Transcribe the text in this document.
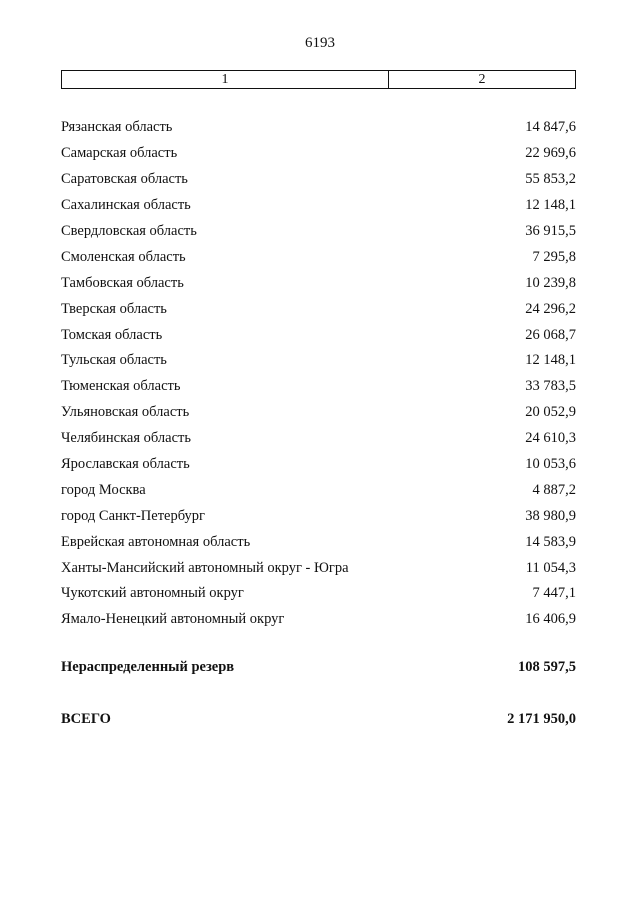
6193
1	2
Рязанская область	14 847,6
Самарская область	22 969,6
Саратовская область	55 853,2
Сахалинская область	12 148,1
Свердловская область	36 915,5
Смоленская область	7 295,8
Тамбовская область	10 239,8
Тверская область	24 296,2
Томская область	26 068,7
Тульская область	12 148,1
Тюменская область	33 783,5
Ульяновская область	20 052,9
Челябинская область	24 610,3
Ярославская область	10 053,6
город Москва	4 887,2
город Санкт-Петербург	38 980,9
Еврейская автономная область	14 583,9
Ханты-Мансийский автономный округ - Югра	11 054,3
Чукотский автономный округ	7 447,1
Ямало-Ненецкий автономный округ	16 406,9
Нераспределенный резерв	108 597,5
ВСЕГО	2 171 950,0
